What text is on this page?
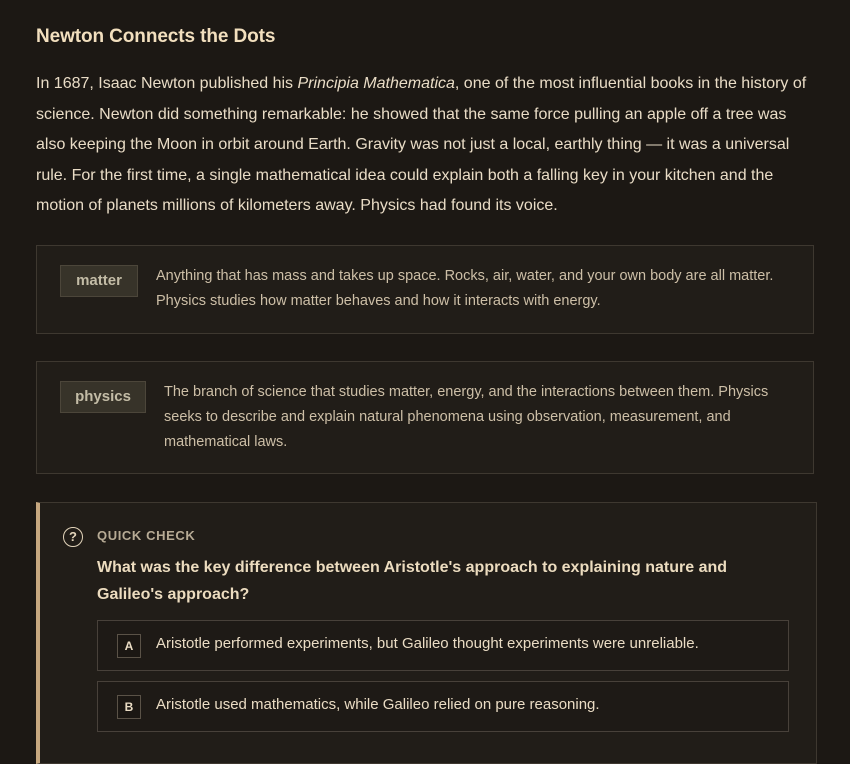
Newton Connects the Dots

In 1687, Isaac Newton published his Principia Mathematica, one of the most influential books in the history of science. Newton did something remarkable: he showed that the same force pulling an apple off a tree was also keeping the Moon in orbit around Earth. Gravity was not just a local, earthly thing — it was a universal rule. For the first time, a single mathematical idea could explain both a falling key in your kitchen and the motion of planets millions of kilometers away. Physics had found its voice.

matter	Anything that has mass and takes up space. Rocks, air, water, and your own body are all matter. Physics studies how matter behaves and how it interacts with energy.
physics	The branch of science that studies matter, energy, and the interactions between them. Physics seeks to describe and explain natural phenomena using observation, measurement, and mathematical laws.
?	QUICK CHECK
What was the key difference between Aristotle's approach to explaining nature and Galileo's approach?
A	Aristotle performed experiments, but Galileo thought experiments were unreliable.
B	Aristotle used mathematics, while Galileo relied on pure reasoning.
